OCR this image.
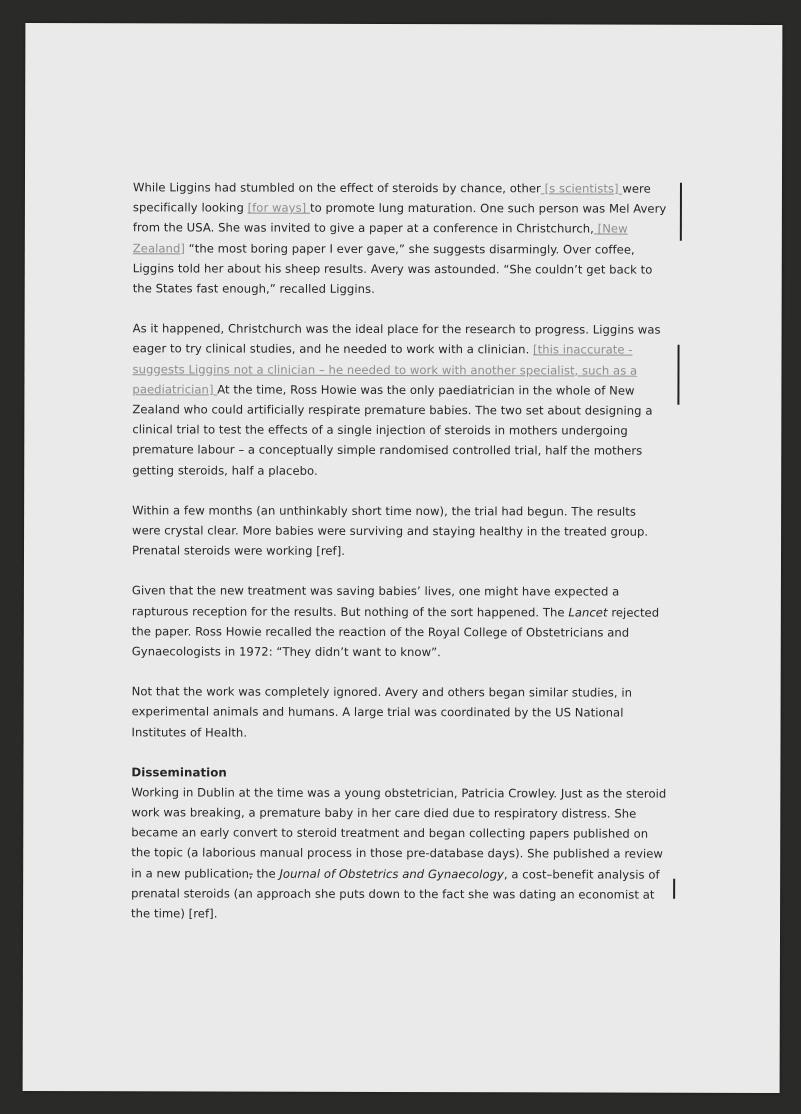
While Liggins had stumbled on the effect of steroids by chance, other [s scientists] were specifically looking [for ways] to promote lung maturation. One such person was Mel Avery from the USA. She was invited to give a paper at a conference in Christchurch, [New Zealand] “the most boring paper I ever gave,” she suggests disarmingly. Over coffee, Liggins told her about his sheep results. Avery was astounded. “She couldn’t get back to the States fast enough,” recalled Liggins.

As it happened, Christchurch was the ideal place for the research to progress. Liggins was eager to try clinical studies, and he needed to work with a clinician. [this inaccurate - suggests Liggins not a clinician – he needed to work with another specialist, such as a paediatrician] At the time, Ross Howie was the only paediatrician in the whole of New Zealand who could artificially respirate premature babies. The two set about designing a clinical trial to test the effects of a single injection of steroids in mothers undergoing premature labour – a conceptually simple randomised controlled trial, half the mothers getting steroids, half a placebo.

Within a few months (an unthinkably short time now), the trial had begun. The results were crystal clear. More babies were surviving and staying healthy in the treated group. Prenatal steroids were working [ref].

Given that the new treatment was saving babies’ lives, one might have expected a rapturous reception for the results. But nothing of the sort happened. The Lancet rejected the paper. Ross Howie recalled the reaction of the Royal College of Obstetricians and Gynaecologists in 1972: “They didn’t want to know”.

Not that the work was completely ignored. Avery and others began similar studies, in experimental animals and humans. A large trial was coordinated by the US National Institutes of Health.

Dissemination

Working in Dublin at the time was a young obstetrician, Patricia Crowley. Just as the steroid work was breaking, a premature baby in her care died due to respiratory distress. She became an early convert to steroid treatment and began collecting papers published on the topic (a laborious manual process in those pre-database days). She published a review in a new publication, the Journal of Obstetrics and Gynaecology, a cost–benefit analysis of prenatal steroids (an approach she puts down to the fact she was dating an economist at the time) [ref].
